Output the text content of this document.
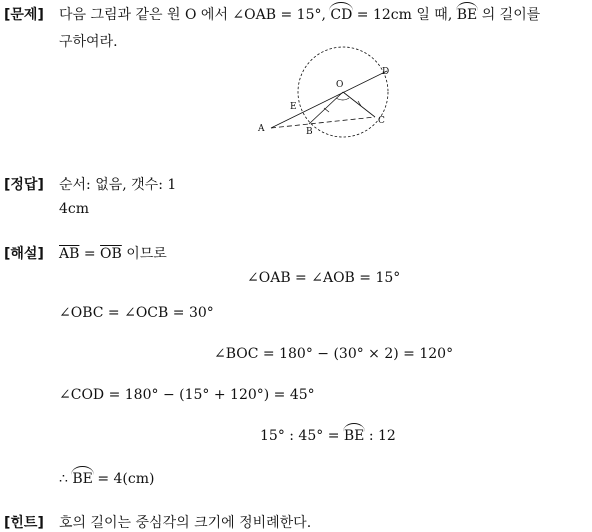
[문제] 다음 그림과 같은 원 O 에서 ∠OAB = 15°, CD = 12cm 일 때, BE 의 길이를
구하여라.
O
D
E
A	B
C
[정답] 순서: 없음, 갯수: 1
4cm
[해설] $\overline{AB} = \overline{OB}$ 이므로
∠OAB = ∠AOB = 15°
∠OBC = ∠OCB = 30°
∠BOC = 180° − (30° × 2) = 120°
∠COD = 180° − (15° + 120°) = 45°
15° : 45° = BE : 12
∴ BE = 4(cm)
[힌트] 호의 길이는 중심각의 크기에 정비례한다.
